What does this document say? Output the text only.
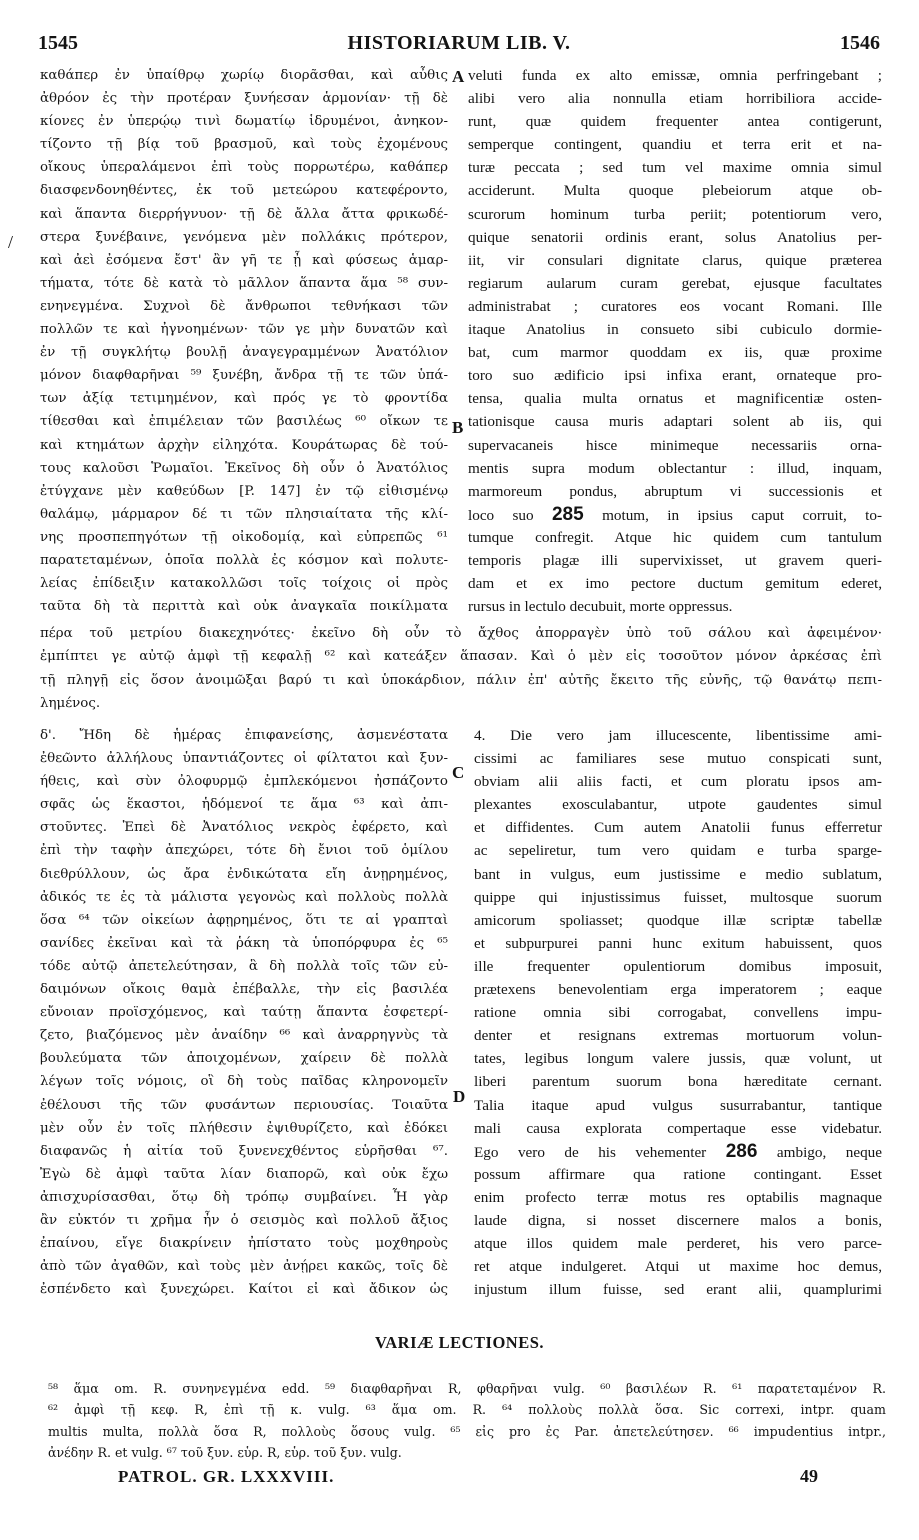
1545	HISTORIARUM LIB. V.	1546
καθάπερ ἐν ὑπαίθρῳ χωρίῳ διορᾶσθαι, καὶ αὖθις
ἀθρόον ἐς τὴν προτέραν ξυνήεσαν ἁρμονίαν· τῇ δὲ
κίονες ἐν ὑπερῴῳ τινὶ δωματίῳ ἱδρυμένοι, ἀνηκον-
τίζοντο τῇ βίᾳ τοῦ βρασμοῦ, καὶ τοὺς ἐχομένους
οἴκους ὑπεραλάμενοι ἐπὶ τοὺς πορρωτέρω, καθάπερ
διασφενδονηθέντες, ἐκ τοῦ μετεώρου κατεφέροντο,
καὶ ἅπαντα διερρήγνυον· τῇ δὲ ἄλλα ἄττα φρικωδέ-
στερα ξυνέβαινε, γενόμενα μὲν πολλάκις πρότερον,
καὶ ἀεὶ ἐσόμενα ἔστ' ἂν γῆ τε ᾖ καὶ φύσεως ἁμαρ-
τήματα, τότε δὲ κατὰ τὸ μᾶλλον ἅπαντα ἅμα ⁵⁸ συν-
ενηνεγμένα. Συχνοὶ δὲ ἄνθρωποι τεθνήκασι τῶν
πολλῶν τε καὶ ἠγνοημένων· τῶν γε μὴν δυνατῶν καὶ
ἐν τῇ συγκλήτῳ βουλῇ ἀναγεγραμμένων Ἀνατόλιον
μόνον διαφθαρῆναι ⁵⁹ ξυνέβη, ἄνδρα τῇ τε τῶν ὑπά-
των ἀξίᾳ τετιμημένον, καὶ πρός γε τὸ φροντίδα
τίθεσθαι καὶ ἐπιμέλειαν τῶν βασιλέως ⁶⁰ οἴκων τε
καὶ κτημάτων ἀρχὴν εἰληχότα. Κουράτωρας δὲ τού-
τους καλοῦσι Ῥωμαῖοι. Ἐκεῖνος δὴ οὖν ὁ Ἀνατόλιος
ἐτύγχανε μὲν καθεύδων [P. 147] ἐν τῷ εἰθισμένῳ
θαλάμῳ, μάρμαρον δέ τι τῶν πλησιαίτατα τῆς κλί-
νης προσπεπηγότων τῇ οἰκοδομίᾳ, καὶ εὐπρεπῶς ⁶¹
παρατεταμένων, ὁποῖα πολλὰ ἐς κόσμον καὶ πολυτε-
λείας ἐπίδειξιν κατακολλῶσι τοῖς τοίχοις οἱ πρὸς
ταῦτα δὴ τὰ περιττὰ καὶ οὐκ ἀναγκαῖα ποικίλματα
veluti funda ex alto emissæ, omnia perfringebant ;
alibi vero alia nonnulla etiam horribiliora accide-
runt, quæ quidem frequenter antea contigerunt,
semperque contingent, quandiu et terra erit et na-
turæ peccata ; sed tum vel maxime omnia simul
acciderunt. Multa quoque plebeiorum atque ob-
scurorum hominum turba periit; potentiorum vero,
quique senatorii ordinis erant, solus Anatolius per-
iit, vir consulari dignitate clarus, quique præterea
regiarum aularum curam gerebat, ejusque facultates
administrabat ; curatores eos vocant Romani. Ille
itaque Anatolius in consueto sibi cubiculo dormie-
bat, cum marmor quoddam ex iis, quæ proxime
toro suo ædificio ipsi infixa erant, ornateque pro-
tensa, qualia multa ornatus et magnificentiæ osten-
tationisque causa muris adaptari solent ab iis, qui
supervacaneis hisce minimeque necessariis orna-
mentis supra modum oblectantur : illud, inquam,
marmoreum pondus, abruptum vi successionis et
loco suo 285 motum, in ipsius caput corruit, to-
tumque confregit. Atque hic quidem cum tantulum
temporis plagæ illi supervixisset, ut gravem queri-
dam et ex imo pectore ductum gemitum ederet,
rursus in lectulo decubuit, morte oppressus.
A
B
C
D
/
πέρα τοῦ μετρίου διακεχηνότες· ἐκεῖνο δὴ οὖν τὸ ἄχθος ἀπορραγὲν ὑπὸ τοῦ σάλου καὶ ἀφειμένον·
ἐμπίπτει γε αὐτῷ ἀμφὶ τῇ κεφαλῇ ⁶² καὶ κατεάξεν ἅπασαν. Καὶ ὁ μὲν εἰς τοσοῦτον μόνον ἀρκέσας ἐπὶ
τῇ πληγῇ εἰς ὅσον ἀνοιμῶξαι βαρύ τι καὶ ὑποκάρδιον, πάλιν ἐπ' αὐτῆς ἔκειτο τῆς εὐνῆς, τῷ θανάτῳ πεπι-
λημένος.
δ'. Ἤδη δὲ ἡμέρας ἐπιφανείσης, ἀσμενέστατα
ἐθεῶντο ἀλλήλους ὑπαντιάζοντες οἱ φίλτατοι καὶ ξυν-
ήθεις, καὶ σὺν ὀλοφυρμῷ ἐμπλεκόμενοι ἠσπάζοντο
σφᾶς ὡς ἕκαστοι, ἡδόμενοί τε ἅμα ⁶³ καὶ ἀπι-
στοῦντες. Ἐπεὶ δὲ Ἀνατόλιος νεκρὸς ἐφέρετο, καὶ
ἐπὶ τὴν ταφὴν ἀπεχώρει, τότε δὴ ἔνιοι τοῦ ὁμίλου
διεθρύλλουν, ὡς ἄρα ἐνδικώτατα εἴη ἀνῃρημένος,
ἀδικός τε ἐς τὰ μάλιστα γεγονὼς καὶ πολλοὺς πολλὰ
ὅσα ⁶⁴ τῶν οἰκείων ἀφῃρημένος, ὅτι τε αἱ γραπταὶ
σανίδες ἐκεῖναι καὶ τὰ ῥάκη τὰ ὑποπόρφυρα ἐς ⁶⁵
τόδε αὐτῷ ἀπετελεύτησαν, ἃ δὴ πολλὰ τοῖς τῶν εὐ-
δαιμόνων οἴκοις θαμὰ ἐπέβαλλε, τὴν εἰς βασιλέα
εὔνοιαν προϊσχόμενος, καὶ ταύτῃ ἅπαντα ἐσφετερί-
ζετο, βιαζόμενος μὲν ἀναίδην ⁶⁶ καὶ ἀναρρηγνὺς τὰ
βουλεύματα τῶν ἀποιχομένων, χαίρειν δὲ πολλὰ
λέγων τοῖς νόμοις, οἳ δὴ τοὺς παῖδας κληρονομεῖν
ἐθέλουσι τῆς τῶν φυσάντων περιουσίας. Τοιαῦτα
μὲν οὖν ἐν τοῖς πλήθεσιν ἐψιθυρίζετο, καὶ ἐδόκει
διαφανῶς ἡ αἰτία τοῦ ξυνενεχθέντος εὑρῆσθαι ⁶⁷.
Ἐγὼ δὲ ἀμφὶ ταῦτα λίαν διαπορῶ, καὶ οὐκ ἔχω
ἀπισχυρίσασθαι, ὅτῳ δὴ τρόπῳ συμβαίνει. Ἦ γὰρ
ἂν εὐκτόν τι χρῆμα ἦν ὁ σεισμὸς καὶ πολλοῦ ἄξιος
ἐπαίνου, εἴγε διακρίνειν ἠπίστατο τοὺς μοχθηροὺς
ἀπὸ τῶν ἀγαθῶν, καὶ τοὺς μὲν ἀνῄρει κακῶς, τοῖς δὲ
ἐσπένδετο καὶ ξυνεχώρει. Καίτοι εἰ καὶ ἄδικον ὡς
4. Die vero jam illucescente, libentissime ami-
cissimi ac familiares sese mutuo conspicati sunt,
obviam alii aliis facti, et cum ploratu ipsos am-
plexantes exosculabantur, utpote gaudentes simul
et diffidentes. Cum autem Anatolii funus efferretur
ac sepeliretur, tum vero quidam e turba sparge-
bant in vulgus, eum justissime e medio sublatum,
quippe qui injustissimus fuisset, multosque suorum
amicorum spoliasset; quodque illæ scriptæ tabellæ
et subpurpurei panni hunc exitum habuissent, quos
ille frequenter opulentiorum domibus imposuit,
prætexens benevolentiam erga imperatorem ; eaque
ratione omnia sibi corrogabat, convellens impu-
denter et resignans extremas mortuorum volun-
tates, legibus longum valere jussis, quæ volunt, ut
liberi parentum suorum bona hæreditate cernant.
Talia itaque apud vulgus susurrabantur, tantique
mali causa explorata compertaque esse videbatur.
Ego vero de his vehementer 286 ambigo, neque
possum affirmare qua ratione contingant. Esset
enim profecto terræ motus res optabilis magnaque
laude digna, si nosset discernere malos a bonis,
atque illos quidem male perderet, his vero parce-
ret atque indulgeret. Atqui ut maxime hoc demus,
injustum illum fuisse, sed erant alii, quamplurimi
VARIÆ LECTIONES.
⁵⁸ ἅμα om. R. συνηνεγμένα edd. ⁵⁹ διαφθαρῆναι R, φθαρῆναι vulg. ⁶⁰ βασιλέων R. ⁶¹ παρατεταμένον R.
⁶² ἀμφὶ τῇ κεφ. R, ἐπὶ τῇ κ. vulg. ⁶³ ἅμα om. R. ⁶⁴ πολλοὺς πολλὰ ὅσα. Sic correxi, intpr. quam
multis multa, πολλὰ ὅσα R, πολλοὺς ὅσους vulg. ⁶⁵ εἰς pro ἐς Par. ἀπετελεύτησεν. ⁶⁶ impudentius intpr.,
ἀνέδην R. et vulg. ⁶⁷ τοῦ ξυν. εὑρ. R, εὑρ. τοῦ ξυν. vulg.
PATROL. GR. LXXXVIII.	49
